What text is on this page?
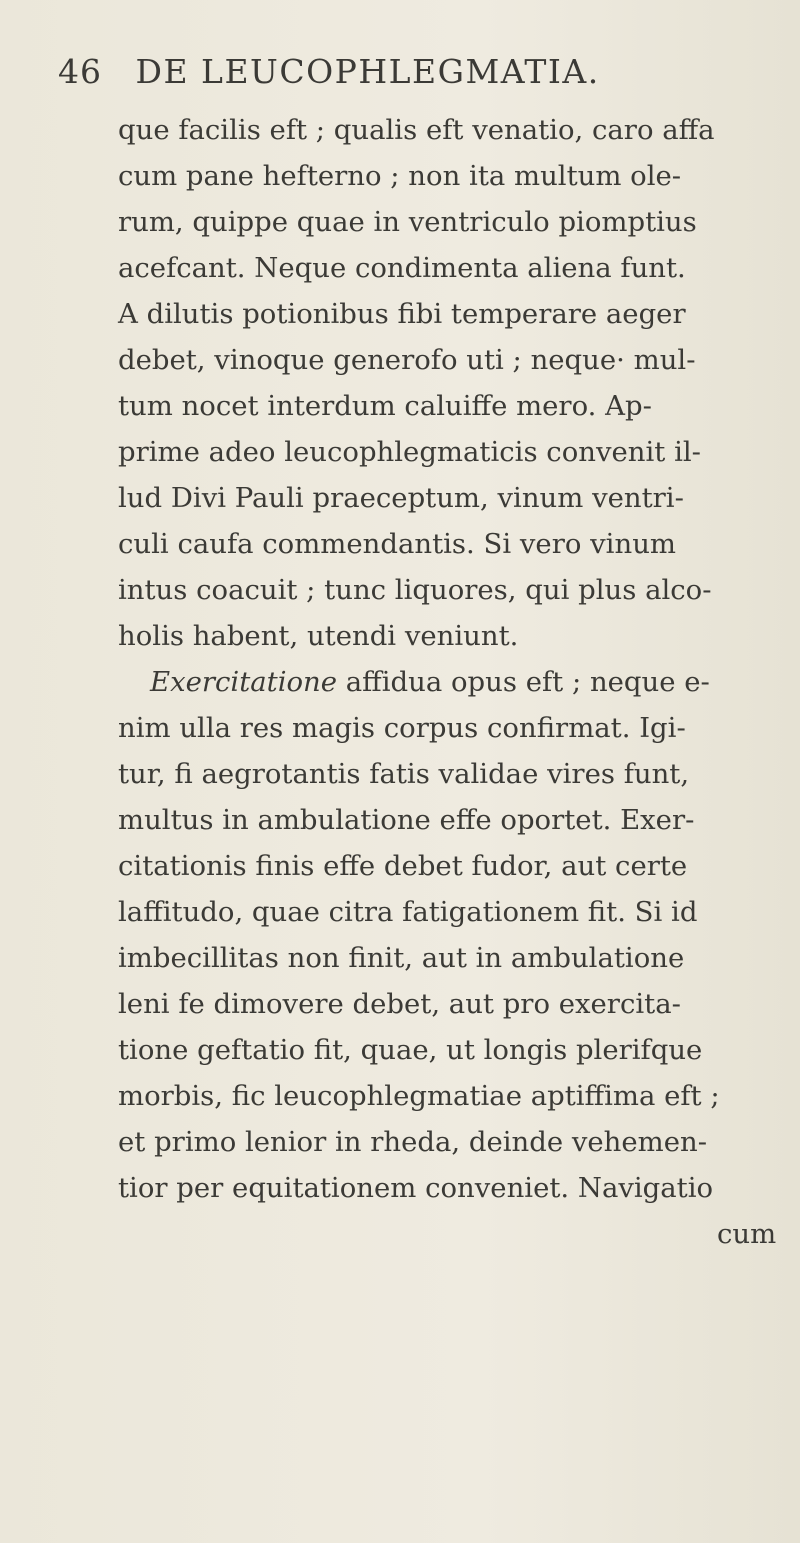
46 DE LEUCOPHLEGMATIA.
que facilis eft ; qualis eft venatio, caro affa
cum pane hefterno ; non ita multum ole-
rum, quippe quae in ventriculo piomptius
acefcant. Neque condimenta aliena funt.
A dilutis potionibus fibi temperare aeger
debet, vinoque generofo uti ; neque· mul-
tum nocet interdum caluiffe mero. Ap-
prime adeo leucophlegmaticis convenit il-
lud Divi Pauli praeceptum, vinum ventri-
culi caufa commendantis. Si vero vinum
intus coacuit ; tunc liquores, qui plus alco-
holis habent, utendi veniunt.
Exercitatione affidua opus eft ; neque e-
nim ulla res magis corpus confirmat. Igi-
tur, fi aegrotantis fatis validae vires funt,
multus in ambulatione effe oportet. Exer-
citationis finis effe debet fudor, aut certe
laffitudo, quae citra fatigationem fit. Si id
imbecillitas non finit, aut in ambulatione
leni fe dimovere debet, aut pro exercita-
tione geftatio fit, quae, ut longis plerifque
morbis, fic leucophlegmatiae aptiffima eft ;
et primo lenior in rheda, deinde vehemen-
tior per equitationem conveniet. Navigatio
cum
